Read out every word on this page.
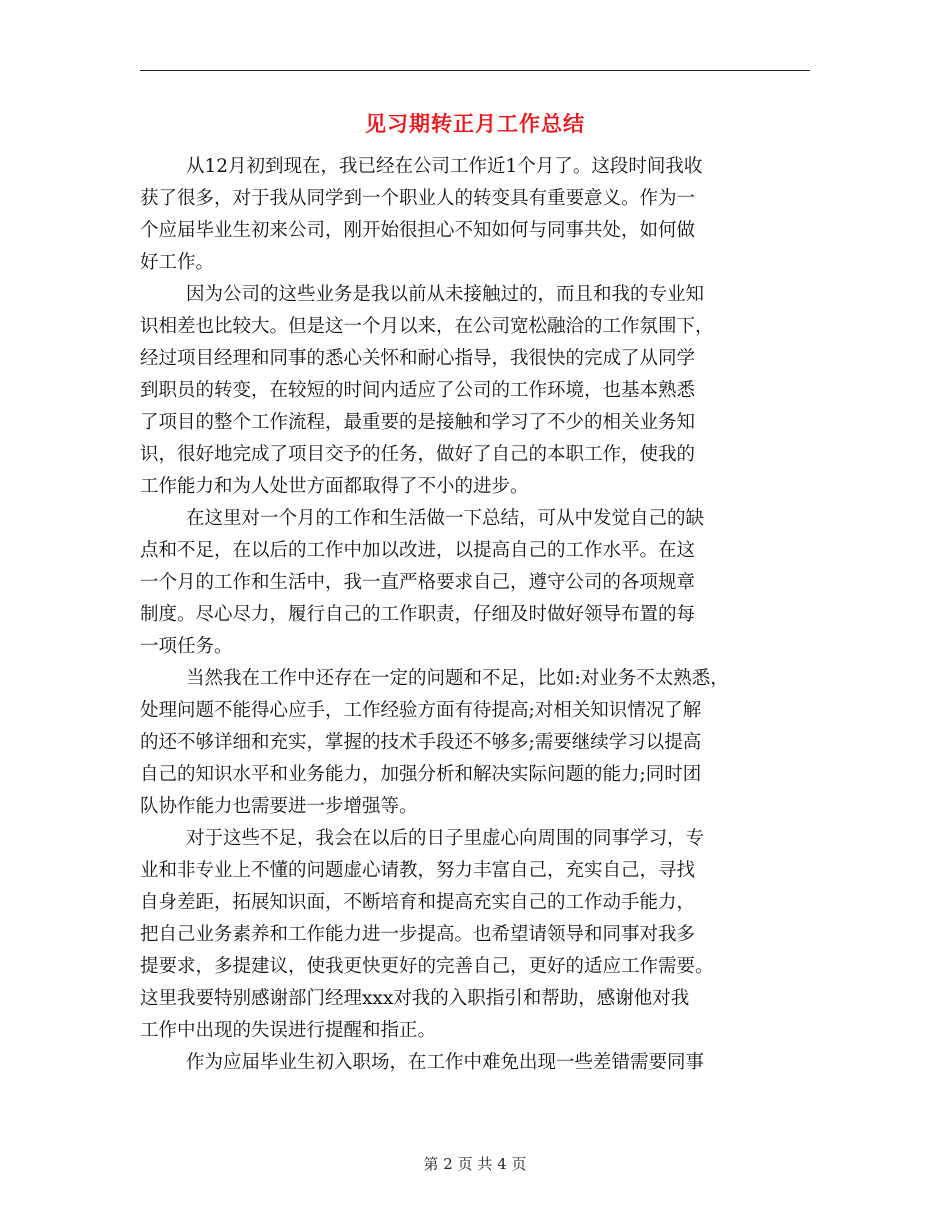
见习期转正月工作总结
从12月初到现在，我已经在公司工作近1个月了。这段时间我收
获了很多，对于我从同学到一个职业人的转变具有重要意义。作为一
个应届毕业生初来公司，刚开始很担心不知如何与同事共处，如何做
好工作。
因为公司的这些业务是我以前从未接触过的，而且和我的专业知
识相差也比较大。但是这一个月以来，在公司宽松融洽的工作氛围下，
经过项目经理和同事的悉心关怀和耐心指导，我很快的完成了从同学
到职员的转变，在较短的时间内适应了公司的工作环境，也基本熟悉
了项目的整个工作流程，最重要的是接触和学习了不少的相关业务知
识，很好地完成了项目交予的任务，做好了自己的本职工作，使我的
工作能力和为人处世方面都取得了不小的进步。
在这里对一个月的工作和生活做一下总结，可从中发觉自己的缺
点和不足，在以后的工作中加以改进，以提高自己的工作水平。在这
一个月的工作和生活中，我一直严格要求自己，遵守公司的各项规章
制度。尽心尽力，履行自己的工作职责，仔细及时做好领导布置的每
一项任务。
当然我在工作中还存在一定的问题和不足，比如:对业务不太熟悉，
处理问题不能得心应手，工作经验方面有待提高;对相关知识情况了解
的还不够详细和充实，掌握的技术手段还不够多;需要继续学习以提高
自己的知识水平和业务能力，加强分析和解决实际问题的能力;同时团
队协作能力也需要进一步增强等。
对于这些不足，我会在以后的日子里虚心向周围的同事学习，专
业和非专业上不懂的问题虚心请教，努力丰富自己，充实自己，寻找
自身差距，拓展知识面，不断培育和提高充实自己的工作动手能力，
把自己业务素养和工作能力进一步提高。也希望请领导和同事对我多
提要求，多提建议，使我更快更好的完善自己，更好的适应工作需要。
这里我要特别感谢部门经理xxx对我的入职指引和帮助，感谢他对我
工作中出现的失误进行提醒和指正。
作为应届毕业生初入职场，在工作中难免出现一些差错需要同事
第 2 页 共 4 页
